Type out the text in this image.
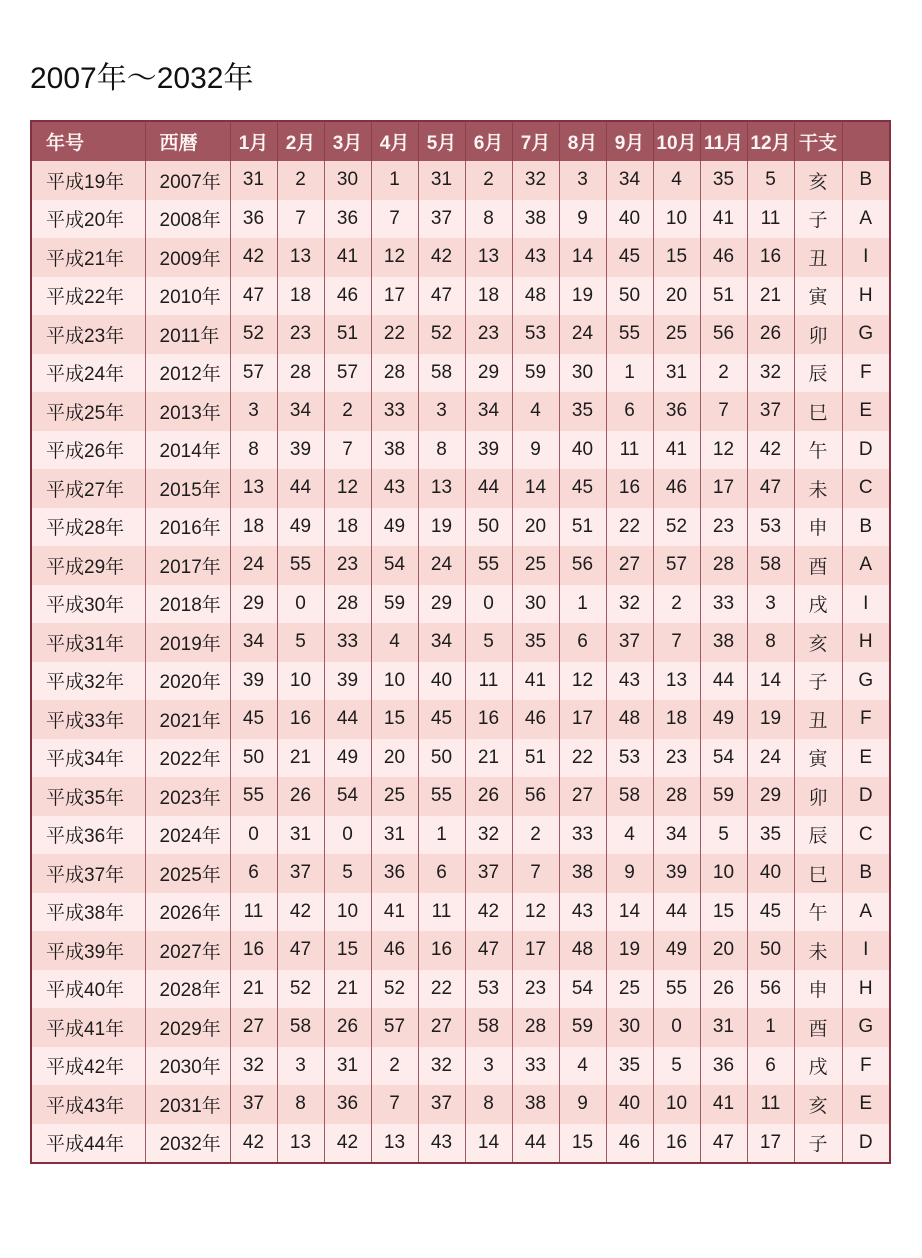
2007年～2032年
年号	西暦	1月	2月	3月	4月	5月	6月	7月	8月	9月	10月	11月	12月	干支	
平成19年	2007年	31	2	30	1	31	2	32	3	34	4	35	5	亥	B
平成20年	2008年	36	7	36	7	37	8	38	9	40	10	41	11	子	A
平成21年	2009年	42	13	41	12	42	13	43	14	45	15	46	16	丑	I
平成22年	2010年	47	18	46	17	47	18	48	19	50	20	51	21	寅	H
平成23年	2011年	52	23	51	22	52	23	53	24	55	25	56	26	卯	G
平成24年	2012年	57	28	57	28	58	29	59	30	1	31	2	32	辰	F
平成25年	2013年	3	34	2	33	3	34	4	35	6	36	7	37	巳	E
平成26年	2014年	8	39	7	38	8	39	9	40	11	41	12	42	午	D
平成27年	2015年	13	44	12	43	13	44	14	45	16	46	17	47	未	C
平成28年	2016年	18	49	18	49	19	50	20	51	22	52	23	53	申	B
平成29年	2017年	24	55	23	54	24	55	25	56	27	57	28	58	酉	A
平成30年	2018年	29	0	28	59	29	0	30	1	32	2	33	3	戌	I
平成31年	2019年	34	5	33	4	34	5	35	6	37	7	38	8	亥	H
平成32年	2020年	39	10	39	10	40	11	41	12	43	13	44	14	子	G
平成33年	2021年	45	16	44	15	45	16	46	17	48	18	49	19	丑	F
平成34年	2022年	50	21	49	20	50	21	51	22	53	23	54	24	寅	E
平成35年	2023年	55	26	54	25	55	26	56	27	58	28	59	29	卯	D
平成36年	2024年	0	31	0	31	1	32	2	33	4	34	5	35	辰	C
平成37年	2025年	6	37	5	36	6	37	7	38	9	39	10	40	巳	B
平成38年	2026年	11	42	10	41	11	42	12	43	14	44	15	45	午	A
平成39年	2027年	16	47	15	46	16	47	17	48	19	49	20	50	未	I
平成40年	2028年	21	52	21	52	22	53	23	54	25	55	26	56	申	H
平成41年	2029年	27	58	26	57	27	58	28	59	30	0	31	1	酉	G
平成42年	2030年	32	3	31	2	32	3	33	4	35	5	36	6	戌	F
平成43年	2031年	37	8	36	7	37	8	38	9	40	10	41	11	亥	E
平成44年	2032年	42	13	42	13	43	14	44	15	46	16	47	17	子	D
